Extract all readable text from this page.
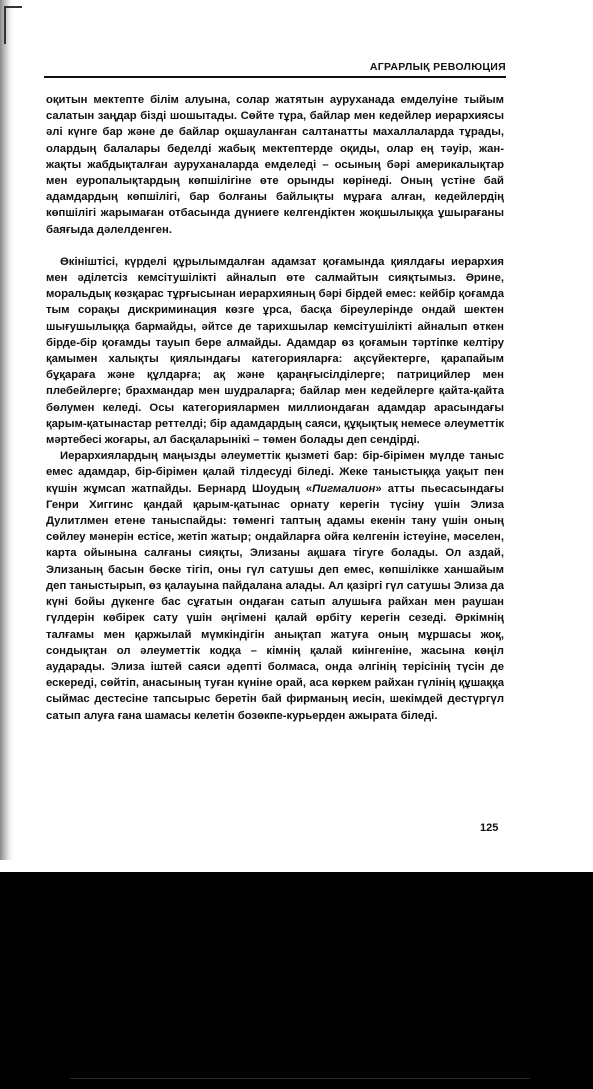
АГРАРЛЫҚ РЕВОЛЮЦИЯ

оқитын мектепте білім алуына, солар жатятын аурухaнада емделуіне тыйым салатын заңдар бізді шошытады. Сөйте тұра, байлар мен кедейлер иерархиясы әлі күнге бар және де байлар оқшауланған салтанатты махаллаларда тұрады, олардың балалары беделді жабық мектептерде оқиды, олар ең тәуір, жан-жақты жабдықталған ауруханаларда емделеді – осының бәрі америкалықтар мен еуропалықтардың көпшілігіне өте орынды көрінеді. Оның үстіне бай адамдардың көпшілігі, бар болғаны байлықты мұраға алған, кедейлердің көпшілігі жарымаған отбасында дүниеге келгендіктен жоқшылыққа ұшырағаны баяғыда дәлелденген.

Өкініштісі, күрделі құрылымдалған адамзат қоғамында қиялдағы иерархия мен әділетсіз кемсітушілікті айналып өте салмайтын сияқтымыз. Әрине, моральдық көзқарас тұрғысынан иерархияның бәрі бірдей емес: кейбір қоғамда тым сорақы дискриминация көзге ұрса, басқа біреулерінде ондай шектен шығушылыққа бармайды, әйтсе де тарихшылар кемсітушілікті айналып өткен бірде-бір қоғамды тауып бере алмайды. Адамдар өз қоғамын тәртіпке келтіру қамымен халықты қиялындағы категорияларға: ақсүйектерге, қарапайым бұқараға және құлдарға; ақ және қараңғысілділерге; патрицийлер мен плебейлерге; брахмандар мен шудраларға; байлар мен кедейлерге қайта-қайта бөлумен келеді. Осы категориялармен миллиондаған адамдар арасындағы қарым-қатынастар реттелді; бір адамдардың саяси, құқықтық немесе әлеуметтік мәртебесі жоғары, ал басқаларынікі – төмен болады деп сендірді.

Иерархиялардың маңызды әлеуметтік қызметі бар: бір-бірімен мүлде таныс емес адамдар, бір-бірімен қалай тілдесуді біледі. Жеке таныстыққа уақыт пен күшін жұмсап жатпайды. Бернард Шоудың «Пигмалион» атты пьесасындағы Генри Хиггинс қандай қарым-қатынас орнату керегін түсіну үшін Элиза Дулитлмен етене таныспайды: төменгі таптың адамы екенін тану үшін оның сөйлеу мәнерін естісе, жетіп жатыр; ондайларға ойға келгенін істеуіне, мәселен, карта ойынына салғаны сияқты, Элизаны ақшаға тігуге болады. Ол аздай, Элизаның басын бөске тігіп, оны гүл сатушы деп емес, көпшілікке ханшайым деп таныстырып, өз қалауына пайдалана алады. Ал қазіргі гүл сатушы Элиза да күні бойы дүкенге бас сұғатын ондаған сатып алушыға райхан мен раушан гүлдерін көбірек сату үшін әңгімені қалай өрбіту керегін сезеді. Әркімнің талғамы мен қаржылай мүмкіндігін анықтап жатуға оның мұршасы жоқ, сондықтан ол әлеуметтік кодқа – кімнің қалай киінгеніне, жасына көңіл аударады. Элиза іштей саяси әдепті болмаса, онда әлгінің терісінің түсін де ескереді, сөйтіп, анасының туған күніне орай, аса көркем райхан гүлінің құшаққа сыймас дестесіне тапсырыс беретін бай фирманың иесін, шекімдей дестүргүл сатып алуға ғана шамасы келетін бозөкпе-курьерден ажырата біледі.

125
